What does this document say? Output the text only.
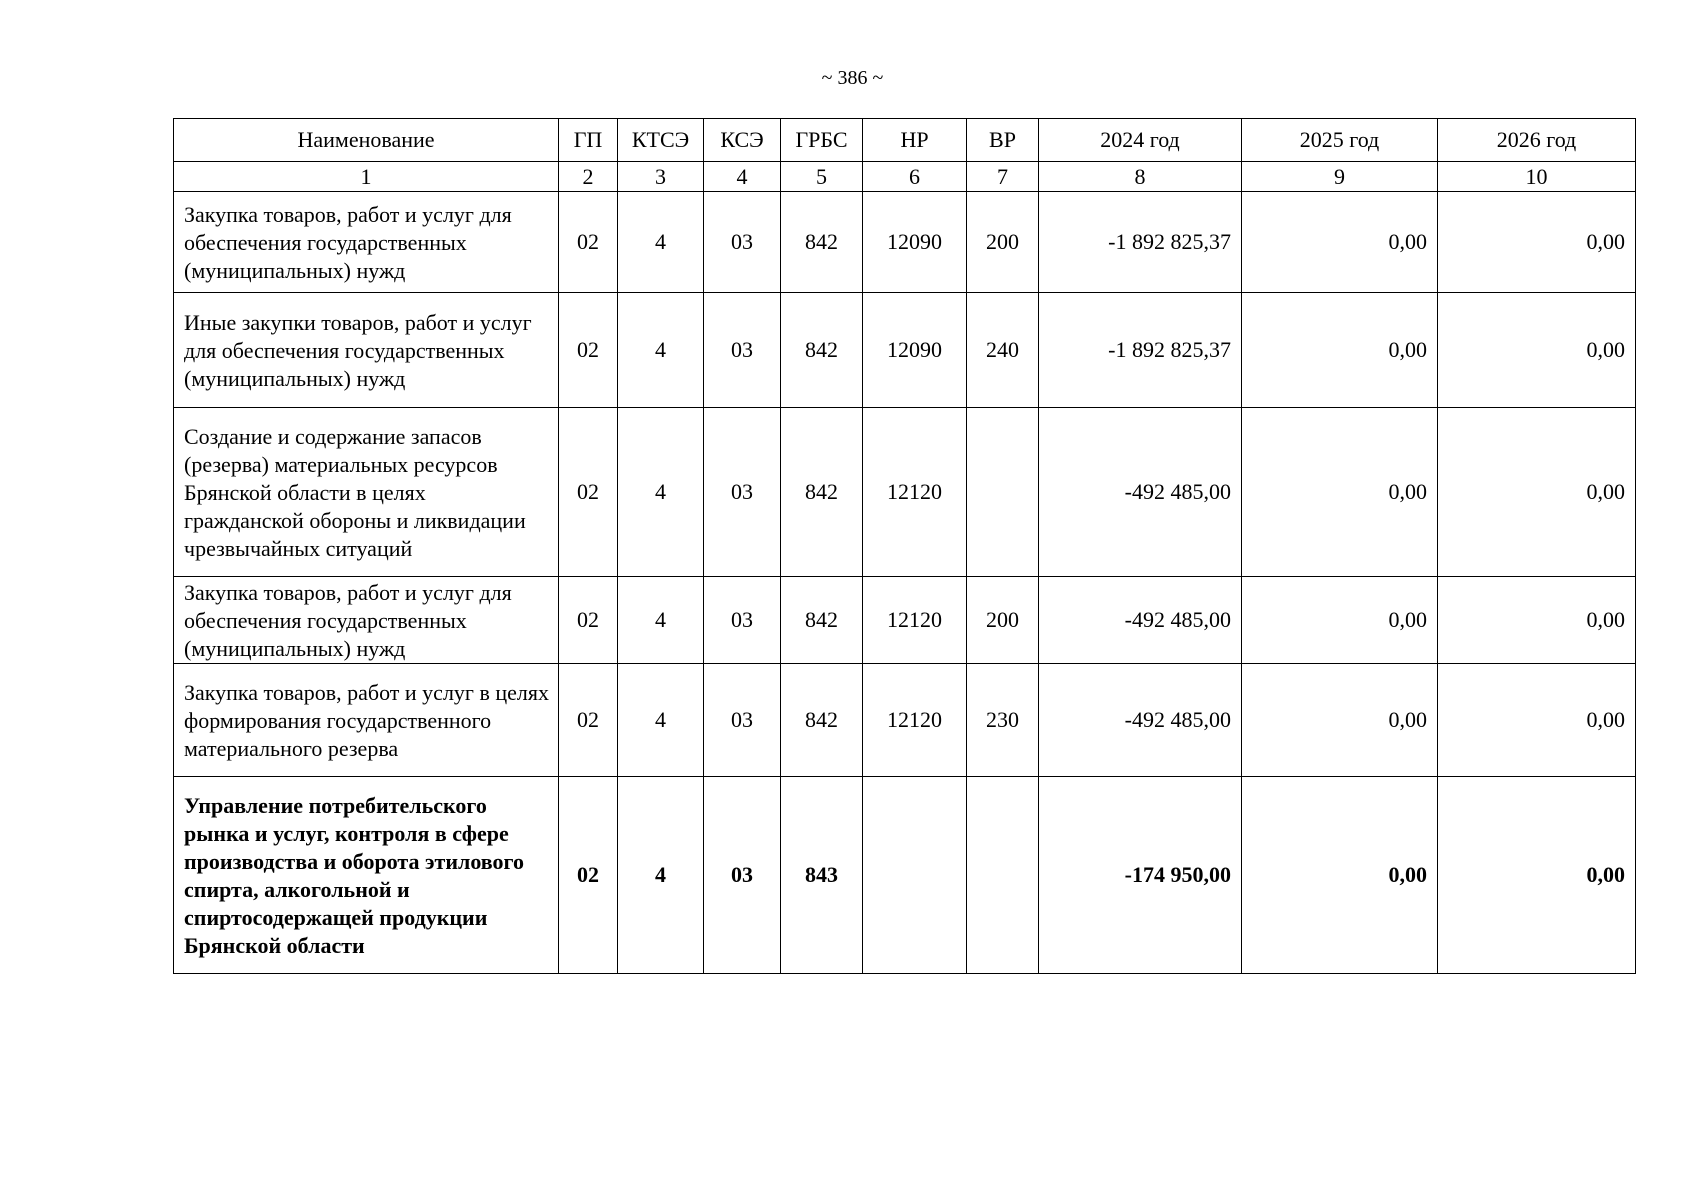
~ 386 ~
Наименование	ГП	КТСЭ	КСЭ	ГРБС	НР	ВР	2024 год	2025 год	2026 год
1	2	3	4	5	6	7	8	9	10
Закупка товаров, работ и услуг для обеспечения государственных (муниципальных) нужд	02	4	03	842	12090	200	-1 892 825,37	0,00	0,00
Иные закупки товаров, работ и услуг для обеспечения государственных (муниципальных) нужд	02	4	03	842	12090	240	-1 892 825,37	0,00	0,00
Создание и содержание запасов (резерва) материальных ресурсов Брянской области в целях гражданской обороны и ликвидации чрезвычайных ситуаций	02	4	03	842	12120		-492 485,00	0,00	0,00
Закупка товаров, работ и услуг для обеспечения государственных (муниципальных) нужд	02	4	03	842	12120	200	-492 485,00	0,00	0,00
Закупка товаров, работ и услуг в целях формирования государственного материального резерва	02	4	03	842	12120	230	-492 485,00	0,00	0,00
Управление потребительского рынка и услуг, контроля в сфере производства и оборота этилового спирта, алкогольной и спиртосодержащей продукции Брянской области	02	4	03	843			-174 950,00	0,00	0,00
